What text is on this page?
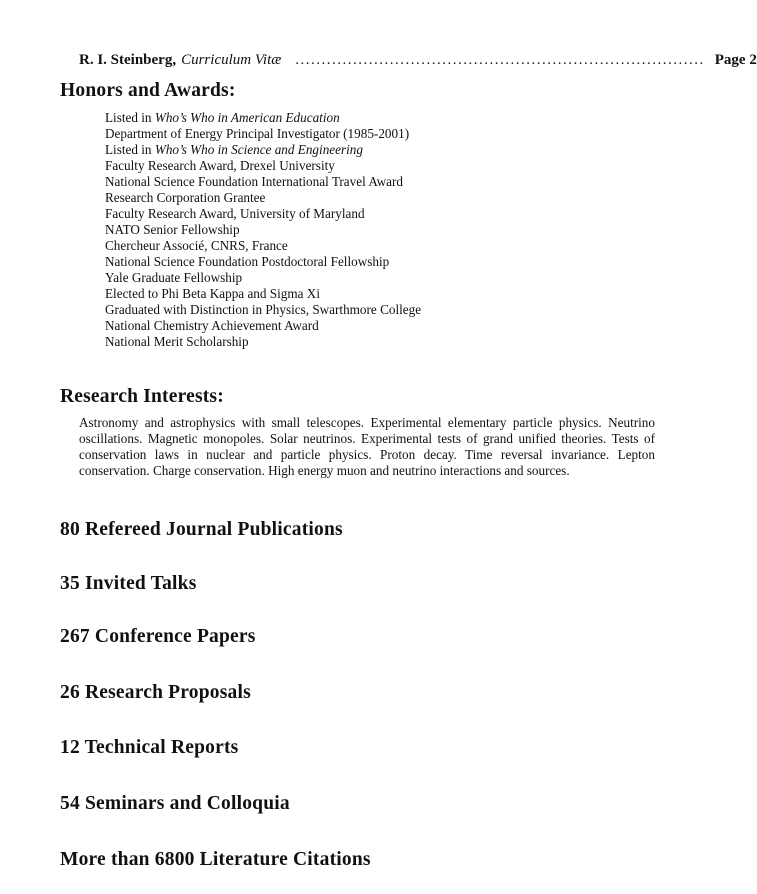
R. I. Steinberg, Curriculum Vitæ .............................................................................. Page 2
Honors and Awards:
Listed in Who’s Who in American Education
Department of Energy Principal Investigator (1985-2001)
Listed in Who’s Who in Science and Engineering
Faculty Research Award, Drexel University
National Science Foundation International Travel Award
Research Corporation Grantee
Faculty Research Award, University of Maryland
NATO Senior Fellowship
Chercheur Associé, CNRS, France
National Science Foundation Postdoctoral Fellowship
Yale Graduate Fellowship
Elected to Phi Beta Kappa and Sigma Xi
Graduated with Distinction in Physics, Swarthmore College
National Chemistry Achievement Award
National Merit Scholarship
Research Interests:

Astronomy and astrophysics with small telescopes. Experimental elementary particle physics. Neutrino oscillations. Magnetic monopoles. Solar neutrinos. Experimental tests of grand unified theories. Tests of conservation laws in nuclear and particle physics. Proton decay. Time reversal invariance. Lepton conservation. Charge conservation. High energy muon and neutrino interactions and sources.

80 Refereed Journal Publications
35 Invited Talks
267 Conference Papers
26 Research Proposals
12 Technical Reports
54 Seminars and Colloquia
More than 6800 Literature Citations
